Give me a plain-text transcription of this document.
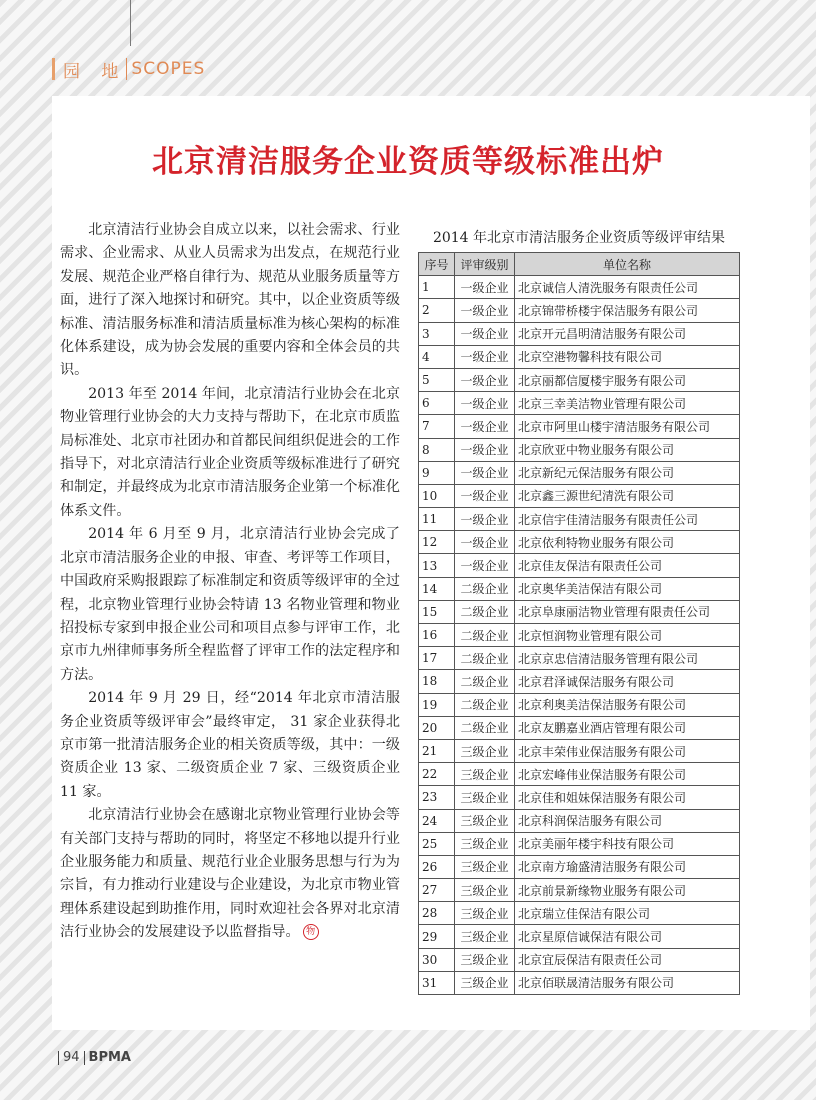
园 地 SCOPES
北京清洁服务企业资质等级标准出炉

北京清洁行业协会自成立以来，以社会需求、行业需求、企业需求、从业人员需求为出发点，在规范行业发展、规范企业严格自律行为、规范从业服务质量等方面，进行了深入地探讨和研究。其中，以企业资质等级标准、清洁服务标准和清洁质量标准为核心架构的标准化体系建设，成为协会发展的重要内容和全体会员的共识。

2013 年至 2014 年间，北京清洁行业协会在北京物业管理行业协会的大力支持与帮助下，在北京市质监局标准处、北京市社团办和首都民间组织促进会的工作指导下，对北京清洁行业企业资质等级标准进行了研究和制定，并最终成为北京市清洁服务企业第一个标准化体系文件。

2014 年 6 月至 9 月，北京清洁行业协会完成了北京市清洁服务企业的申报、审查、考评等工作项目，中国政府采购报跟踪了标准制定和资质等级评审的全过程，北京物业管理行业协会特请 13 名物业管理和物业招投标专家到申报企业公司和项目点参与评审工作，北京市九州律师事务所全程监督了评审工作的法定程序和方法。

2014 年 9 月 29 日，经“2014 年北京市清洁服务企业资质等级评审会”最终审定， 31 家企业获得北京市第一批清洁服务企业的相关资质等级，其中：一级资质企业 13 家、二级资质企业 7 家、三级资质企业 11 家。

北京清洁行业协会在感谢北京物业管理行业协会等有关部门支持与帮助的同时，将坚定不移地以提升行业企业服务能力和质量、规范行业企业服务思想与行为为宗旨，有力推动行业建设与企业建设，为北京市物业管理体系建设起到助推作用，同时欢迎社会各界对北京清洁行业协会的发展建设予以监督指导。 物

2014 年北京市清洁服务企业资质等级评审结果
序号	评审级别	单位名称
1	一级企业	北京诚信人清洗服务有限责任公司
2	一级企业	北京锦带桥楼宇保洁服务有限公司
3	一级企业	北京开元昌明清洁服务有限公司
4	一级企业	北京空港物馨科技有限公司
5	一级企业	北京丽都信厦楼宇服务有限公司
6	一级企业	北京三幸美洁物业管理有限公司
7	一级企业	北京市阿里山楼宇清洁服务有限公司
8	一级企业	北京欣亚中物业服务有限公司
9	一级企业	北京新纪元保洁服务有限公司
10	一级企业	北京鑫三源世纪清洗有限公司
11	一级企业	北京信宇佳清洁服务有限责任公司
12	一级企业	北京依利特物业服务有限公司
13	一级企业	北京佳友保洁有限责任公司
14	二级企业	北京奥华美洁保洁有限公司
15	二级企业	北京阜康丽洁物业管理有限责任公司
16	二级企业	北京恒润物业管理有限公司
17	二级企业	北京京忠信清洁服务管理有限公司
18	二级企业	北京君泽诚保洁服务有限公司
19	二级企业	北京利奥美洁保洁服务有限公司
20	二级企业	北京友鹏嘉业酒店管理有限公司
21	三级企业	北京丰荣伟业保洁服务有限公司
22	三级企业	北京宏峰伟业保洁服务有限公司
23	三级企业	北京佳和姐妹保洁服务有限公司
24	三级企业	北京科润保洁服务有限公司
25	三级企业	北京美丽年楼宇科技有限公司
26	三级企业	北京南方瑜盛清洁服务有限公司
27	三级企业	北京前景新缘物业服务有限公司
28	三级企业	北京瑞立佳保洁有限公司
29	三级企业	北京星原信诚保洁有限公司
30	三级企业	北京宜辰保洁有限责任公司
31	三级企业	北京佰联晟清洁服务有限公司
94 BPMA
